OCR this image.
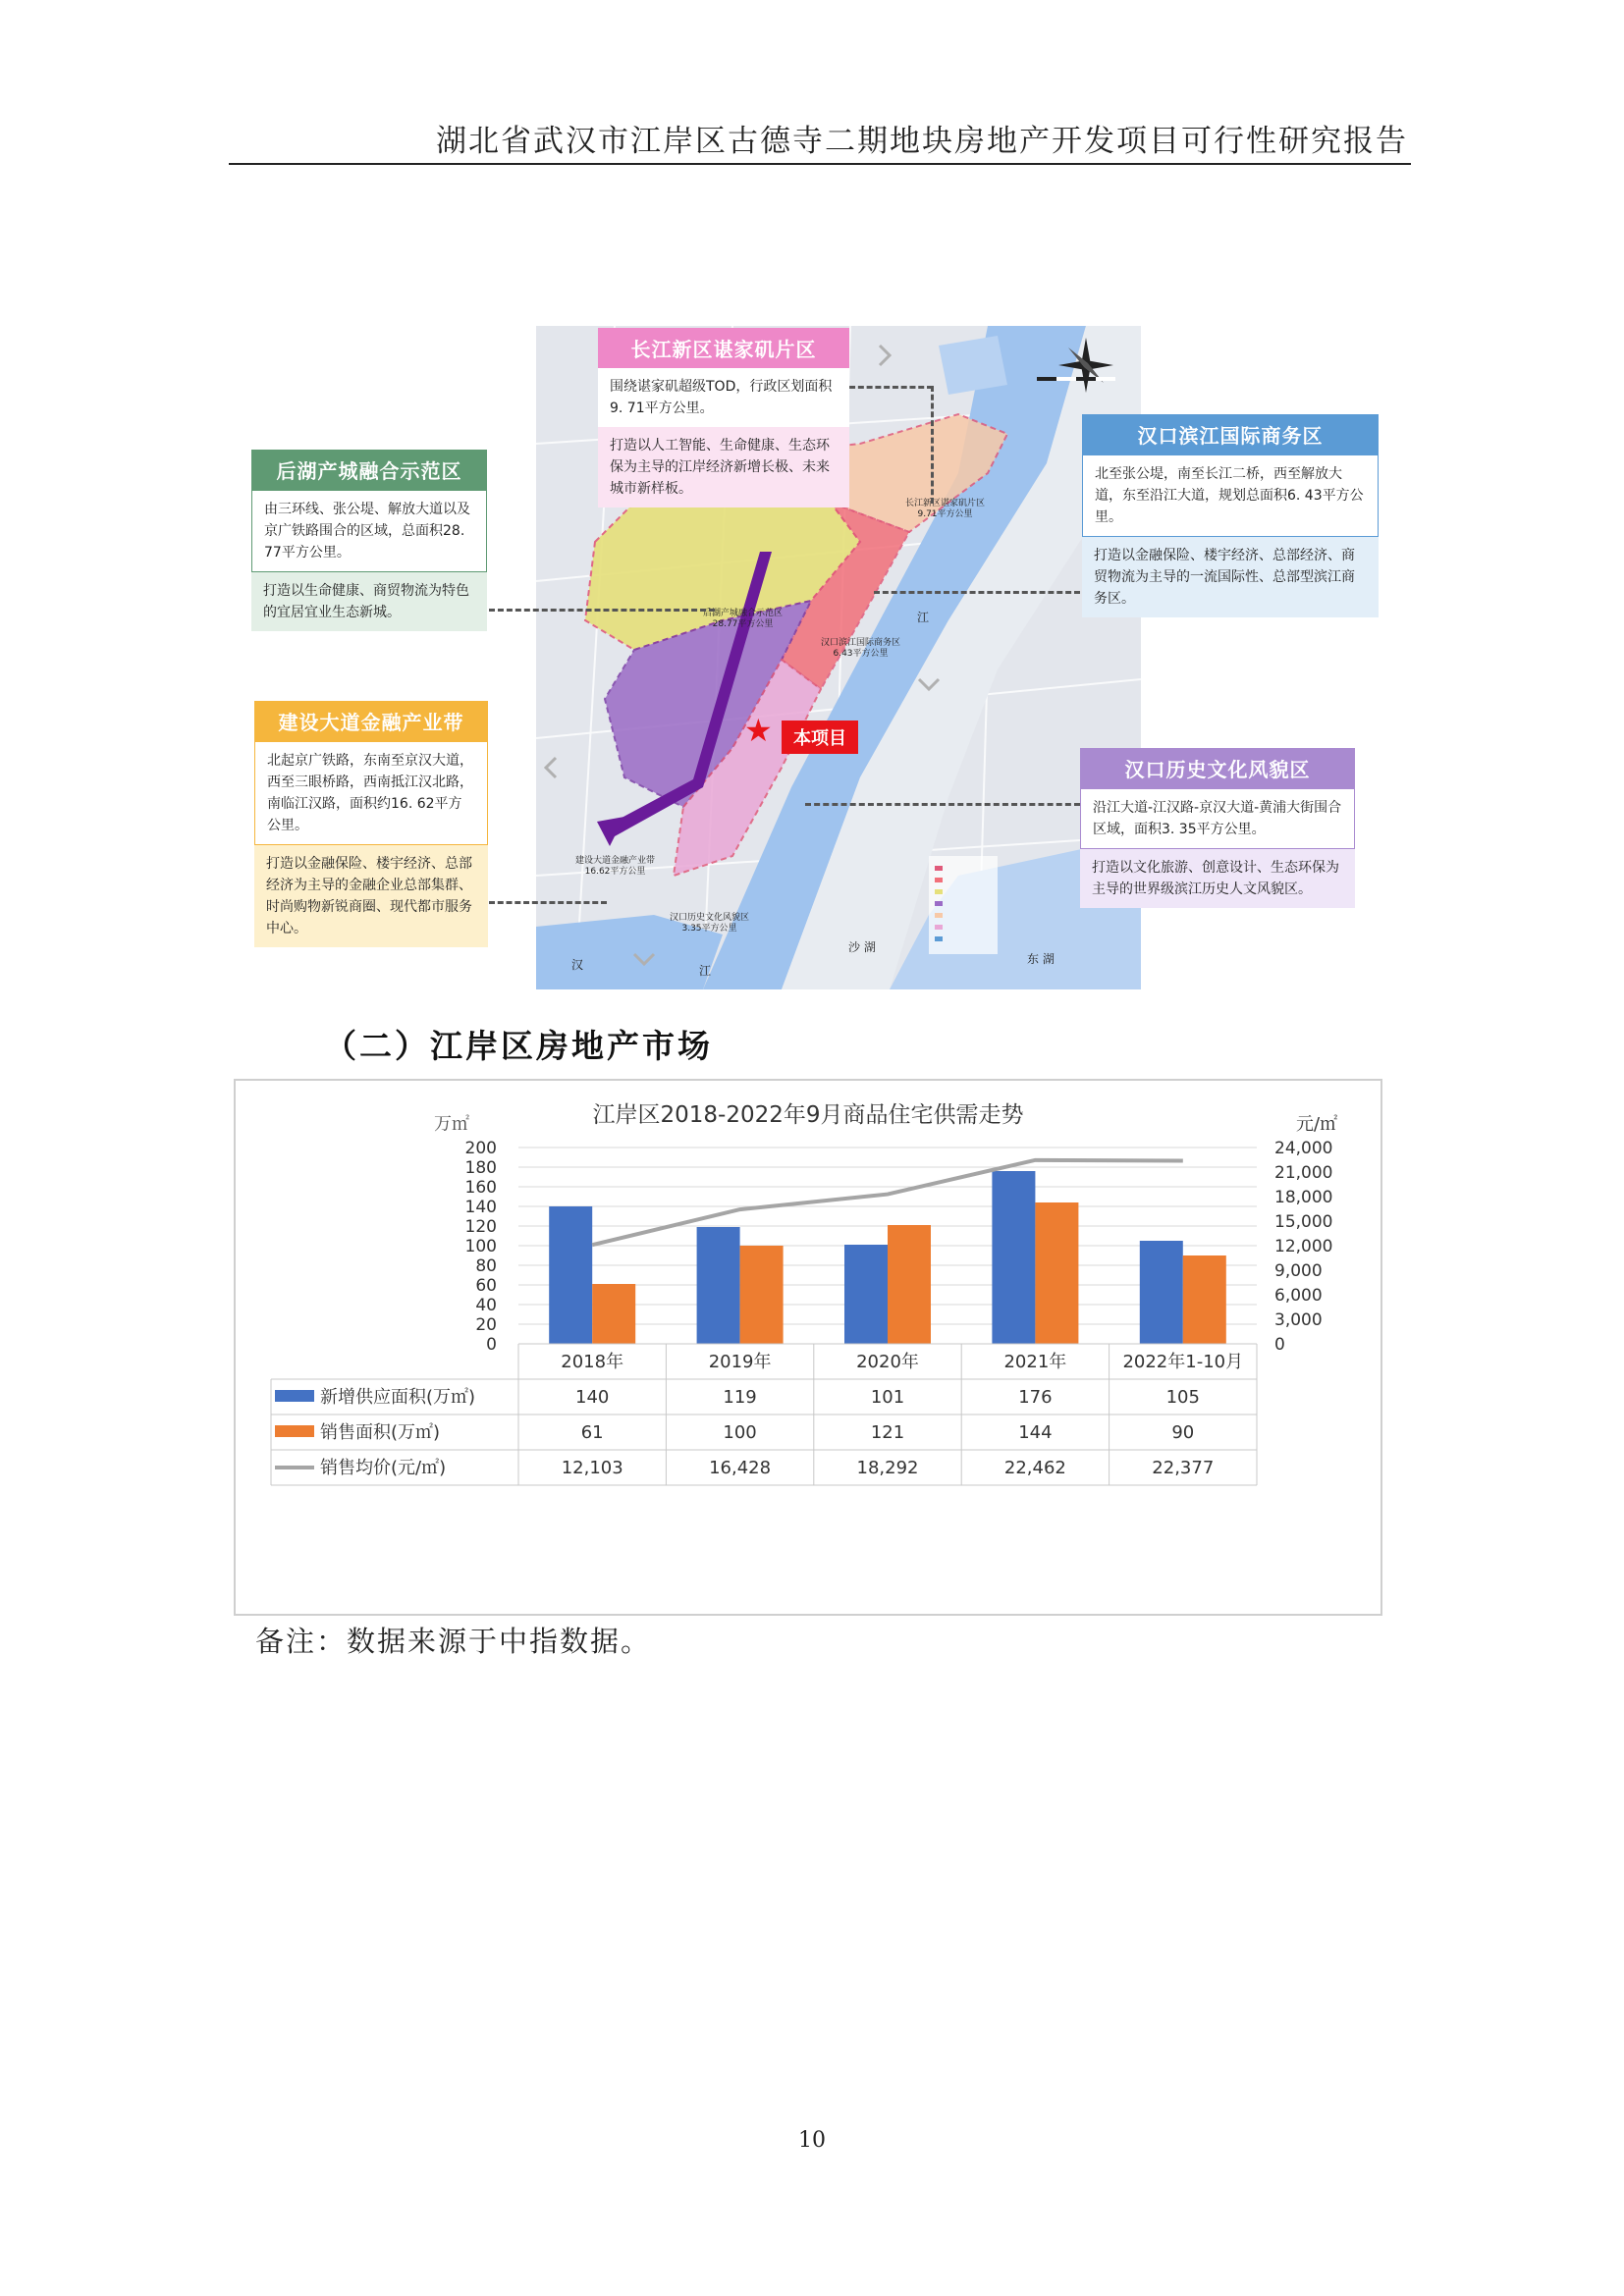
湖北省武汉市江岸区古德寺二期地块房地产开发项目可行性研究报告
长江新区谌家矶片区
9.71平方公里
后湖产城融合示范区
28.77平方公里
汉口滨江国际商务区
6.43平方公里
建设大道金融产业带
16.62平方公里
汉口历史文化风貌区
3.35平方公里
江
汉	江
沙 湖
东 湖
★	本项目
长江新区谌家矶片区
围绕谌家矶超级TOD，行政区划面积9. 71平方公里。
打造以人工智能、生命健康、生态环保为主导的江岸经济新增长极、未来城市新样板。
后湖产城融合示范区
由三环线、张公堤、解放大道以及京广铁路围合的区域，总面积28. 77平方公里。
打造以生命健康、商贸物流为特色的宜居宜业生态新城。
汉口滨江国际商务区
北至张公堤，南至长江二桥，西至解放大道，东至沿江大道，规划总面积6. 43平方公里。
打造以金融保险、楼宇经济、总部经济、商贸物流为主导的一流国际性、总部型滨江商务区。
建设大道金融产业带
北起京广铁路，东南至京汉大道，西至三眼桥路，西南抵江汉北路，南临江汉路，面积约16. 62平方公里。
打造以金融保险、楼宇经济、总部经济为主导的金融企业总部集群、时尚购物新锐商圈、现代都市服务中心。
汉口历史文化风貌区
沿江大道-江汉路-京汉大道-黄浦大街围合区域，面积3. 35平方公里。
打造以文化旅游、创意设计、生态环保为主导的世界级滨江历史人文风貌区。
（二）江岸区房地产市场
江岸区2018-2022年9月商品住宅供需走势
万㎡	元/㎡
200
180
160
140
120
100
80
60
40
20
0
24,000
21,000
18,000
15,000
12,000
9,000
6,000
3,000
0
2018年	2019年	2020年	2021年	2022年1-10月
新增供应面积(万㎡)	140	119	101	176	105
销售面积(万㎡)	61	100	121	144	90
销售均价(元/㎡)	12,103	16,428	18,292	22,462	22,377
备注：数据来源于中指数据。
10
